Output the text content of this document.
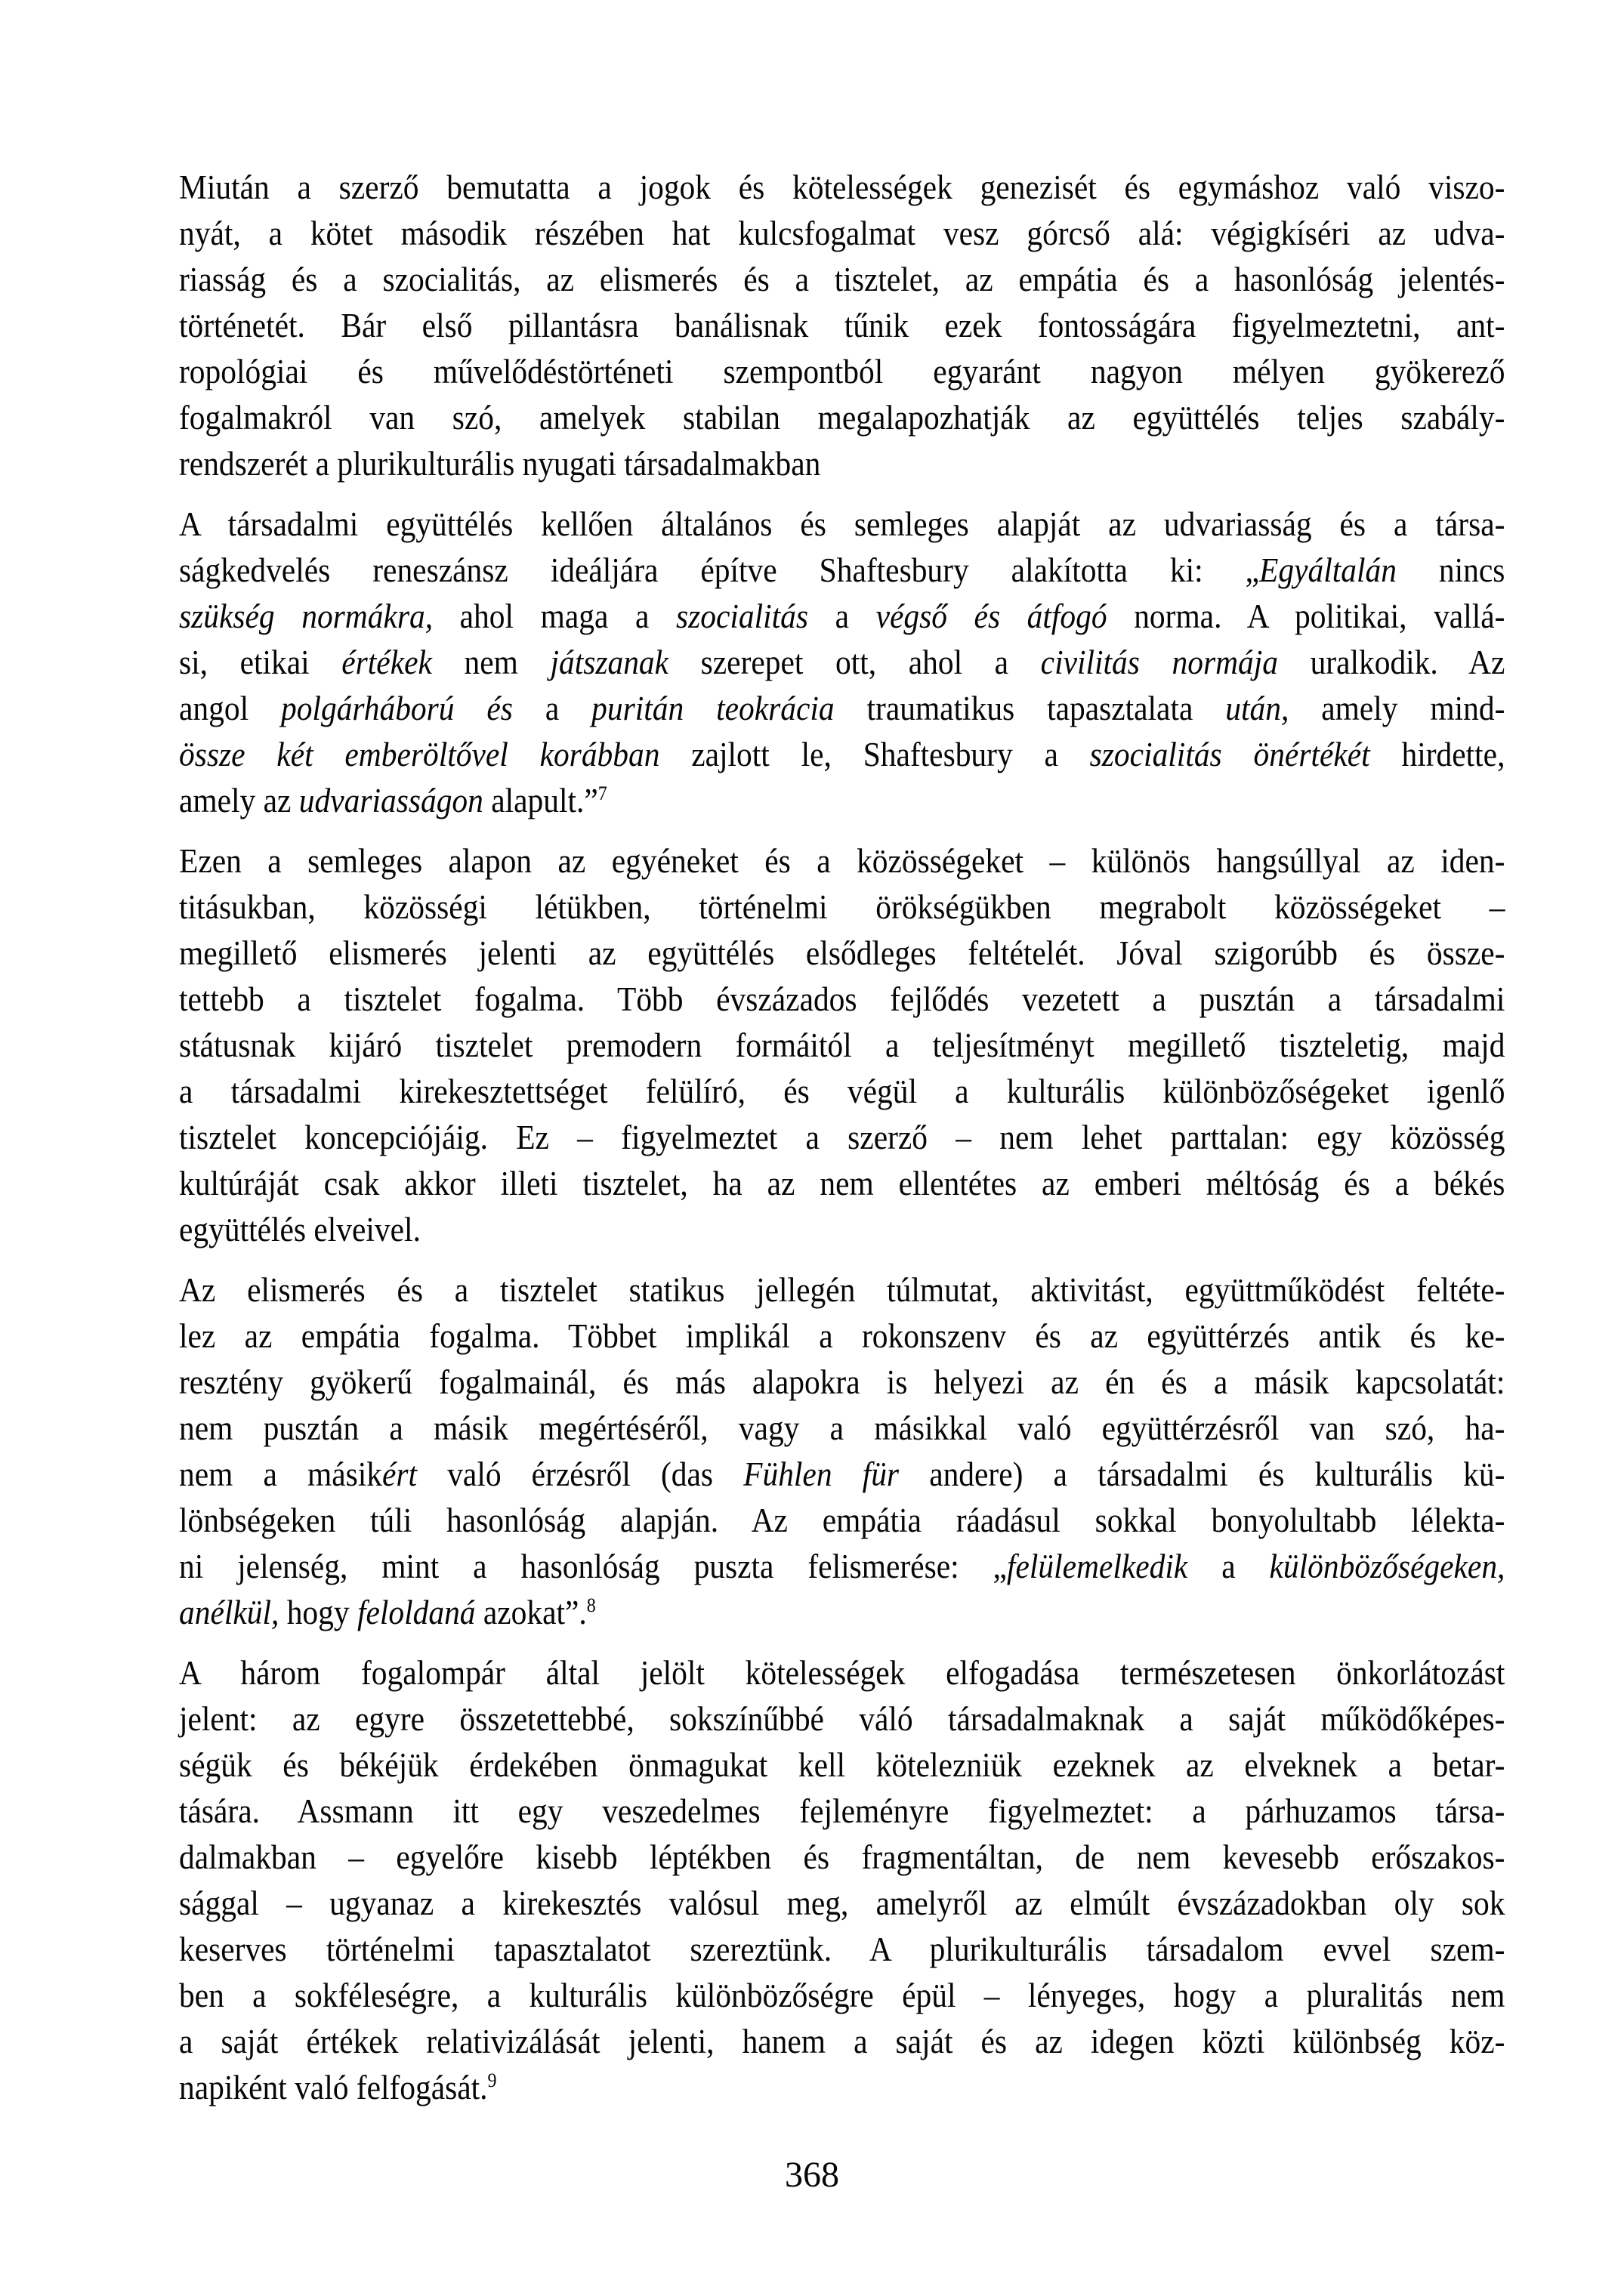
Miután a szerző bemutatta a jogok és kötelességek genezisét és egymáshoz való viszo-
nyát, a kötet második részében hat kulcsfogalmat vesz górcső alá: végigkíséri az udva-
riasság és a szocialitás, az elismerés és a tisztelet, az empátia és a hasonlóság jelentés-
történetét. Bár első pillantásra banálisnak tűnik ezek fontosságára figyelmeztetni, ant-
ropológiai és művelődéstörténeti szempontból egyaránt nagyon mélyen gyökerező
fogalmakról van szó, amelyek stabilan megalapozhatják az együttélés teljes szabály-
rendszerét a plurikulturális nyugati társadalmakban
A társadalmi együttélés kellően általános és semleges alapját az udvariasság és a társa-
ságkedvelés reneszánsz ideáljára építve Shaftesbury alakította ki: „Egyáltalán nincs
szükség normákra, ahol maga a szocialitás a végső és átfogó norma. A politikai, vallá-
si, etikai értékek nem játszanak szerepet ott, ahol a civilitás normája uralkodik. Az
angol polgárháború és a puritán teokrácia traumatikus tapasztalata után, amely mind-
össze két emberöltővel korábban zajlott le, Shaftesbury a szocialitás önértékét hirdette,
amely az udvariasságon alapult.”$^7$
Ezen a semleges alapon az egyéneket és a közösségeket – különös hangsúllyal az iden-
titásukban, közösségi létükben, történelmi örökségükben megrabolt közösségeket –
megillető elismerés jelenti az együttélés elsődleges feltételét. Jóval szigorúbb és össze-
tettebb a tisztelet fogalma. Több évszázados fejlődés vezetett a pusztán a társadalmi
státusnak kijáró tisztelet premodern formáitól a teljesítményt megillető tiszteletig, majd
a társadalmi kirekesztettséget felülíró, és végül a kulturális különbözőségeket igenlő
tisztelet koncepciójáig. Ez – figyelmeztet a szerző – nem lehet parttalan: egy közösség
kultúráját csak akkor illeti tisztelet, ha az nem ellentétes az emberi méltóság és a békés
együttélés elveivel.
Az elismerés és a tisztelet statikus jellegén túlmutat, aktivitást, együttműködést feltéte-
lez az empátia fogalma. Többet implikál a rokonszenv és az együttérzés antik és ke-
resztény gyökerű fogalmainál, és más alapokra is helyezi az én és a másik kapcsolatát:
nem pusztán a másik megértéséről, vagy a másikkal való együttérzésről van szó, ha-
nem a másikért való érzésről (das Fühlen für andere) a társadalmi és kulturális kü-
lönbségeken túli hasonlóság alapján. Az empátia ráadásul sokkal bonyolultabb lélekta-
ni jelenség, mint a hasonlóság puszta felismerése: „felülemelkedik a különbözőségeken,
anélkül, hogy feloldaná azokat”.$^8$
A három fogalompár által jelölt kötelességek elfogadása természetesen önkorlátozást
jelent: az egyre összetettebbé, sokszínűbbé váló társadalmaknak a saját működőképes-
ségük és békéjük érdekében önmagukat kell kötelezniük ezeknek az elveknek a betar-
tására. Assmann itt egy veszedelmes fejleményre figyelmeztet: a párhuzamos társa-
dalmakban – egyelőre kisebb léptékben és fragmentáltan, de nem kevesebb erőszakos-
sággal – ugyanaz a kirekesztés valósul meg, amelyről az elmúlt évszázadokban oly sok
keserves történelmi tapasztalatot szereztünk. A plurikulturális társadalom evvel szem-
ben a sokféleségre, a kulturális különbözőségre épül – lényeges, hogy a pluralitás nem
a saját értékek relativizálását jelenti, hanem a saját és az idegen közti különbség köz-
napiként való felfogását.$^9$
368
